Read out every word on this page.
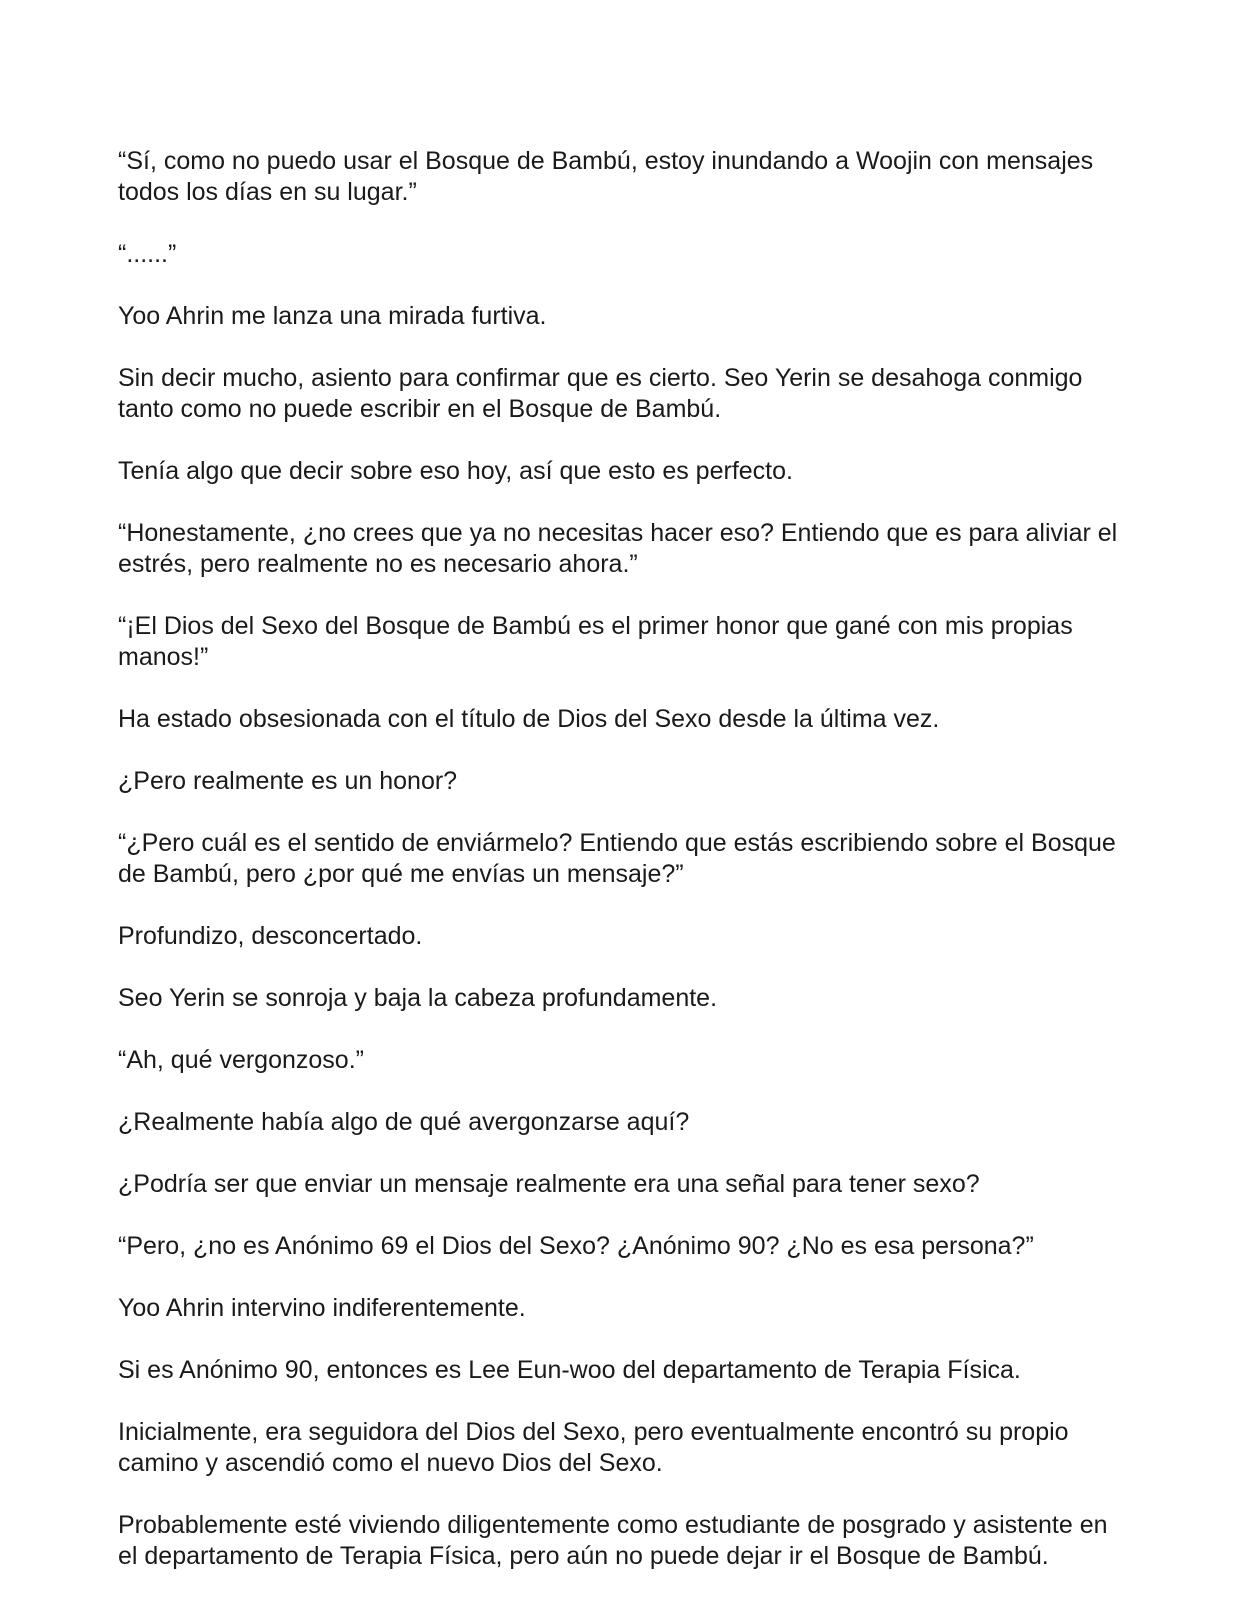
“Sí, como no puedo usar el Bosque de Bambú, estoy inundando a Woojin con mensajes todos los días en su lugar.”

“......”

Yoo Ahrin me lanza una mirada furtiva.

Sin decir mucho, asiento para confirmar que es cierto. Seo Yerin se desahoga conmigo tanto como no puede escribir en el Bosque de Bambú.

Tenía algo que decir sobre eso hoy, así que esto es perfecto.

“Honestamente, ¿no crees que ya no necesitas hacer eso? Entiendo que es para aliviar el estrés, pero realmente no es necesario ahora.”

“¡El Dios del Sexo del Bosque de Bambú es el primer honor que gané con mis propias manos!”

Ha estado obsesionada con el título de Dios del Sexo desde la última vez.

¿Pero realmente es un honor?

“¿Pero cuál es el sentido de enviármelo? Entiendo que estás escribiendo sobre el Bosque de Bambú, pero ¿por qué me envías un mensaje?”

Profundizo, desconcertado.

Seo Yerin se sonroja y baja la cabeza profundamente.

“Ah, qué vergonzoso.”

¿Realmente había algo de qué avergonzarse aquí?

¿Podría ser que enviar un mensaje realmente era una señal para tener sexo?

“Pero, ¿no es Anónimo 69 el Dios del Sexo? ¿Anónimo 90? ¿No es esa persona?”

Yoo Ahrin intervino indiferentemente.

Si es Anónimo 90, entonces es Lee Eun-woo del departamento de Terapia Física.

Inicialmente, era seguidora del Dios del Sexo, pero eventualmente encontró su propio camino y ascendió como el nuevo Dios del Sexo.

Probablemente esté viviendo diligentemente como estudiante de posgrado y asistente en el departamento de Terapia Física, pero aún no puede dejar ir el Bosque de Bambú.
